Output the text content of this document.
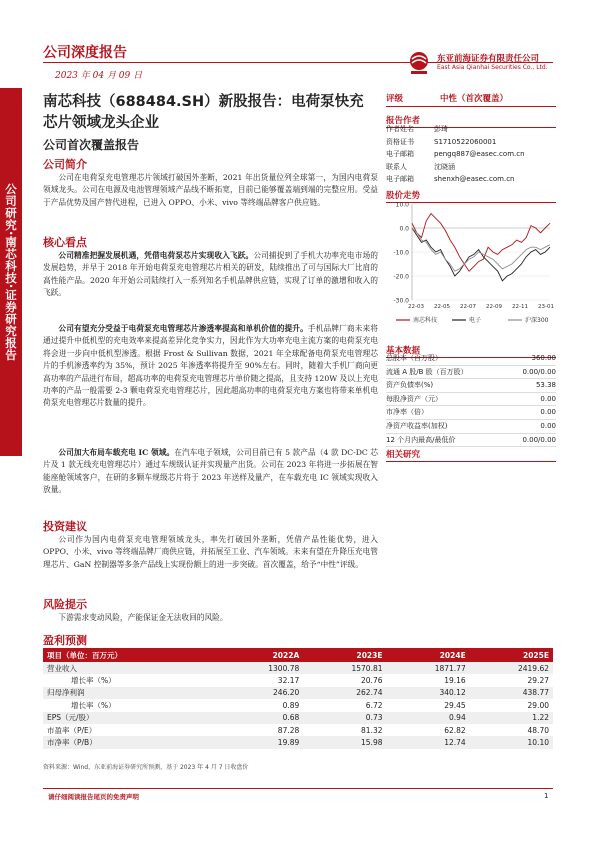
公司研究·南芯科技·证券研究报告
公司深度报告
2023 年 04 月 09 日
东亚前海证券有限责任公司
East Asia Qianhai Securities Co., Ltd.
南芯科技（688484.SH）新股报告：电荷泵快充芯片领域龙头企业
公司首次覆盖报告
公司简介
公司在电荷泵充电管理芯片领域打破国外垄断，2021 年出货量位列全球第一，为国内电荷泵领域龙头。公司在电源及电池管理领域产品线不断拓宽，目前已能够覆盖端到端的完整应用。受益于产品优势及国产替代进程，已进入 OPPO、小米、vivo 等终端品牌客户供应链。
核心看点
公司精准把握发展机遇，凭借电荷泵芯片实现收入飞跃。公司捕捉到了手机大功率充电市场的发展趋势，并早于 2018 年开始电荷泵充电管理芯片相关的研发，陆续推出了可与国际大厂比肩的高性能产品。2020 年开始公司陆续打入一系列知名手机品牌供应链，实现了订单的激增和收入的飞跃。
公司有望充分受益于电荷泵充电管理芯片渗透率提高和单机价值的提升。手机品牌厂商未来将通过提升中低机型的充电效率来提高差异化竞争实力，因此作为大功率充电主流方案的电荷泵充电将会进一步向中低机型渗透。根据 Frost & Sullivan 数据，2021 年全球配备电荷泵充电管理芯片的手机渗透率约为 35%，预计 2025 年渗透率将提升至 90%左右。同时，随着大手机厂商向更高功率的产品进行布局，超高功率的电荷泵充电管理芯片单价随之提高，且支持 120W 及以上充电功率的产品一般需要 2-3 颗电荷泵充电管理芯片，因此超高功率的电荷泵充电方案也将带来单机电荷泵充电管理芯片数量的提升。
公司加大布局车载充电 IC 领域。在汽车电子领域，公司目前已有 5 款产品（4 款 DC-DC 芯片及 1 款无线充电管理芯片）通过车规级认证并实现量产出货。公司在 2023 年将进一步拓展在智能座舱领域客户，在研的多颗车规级芯片将于 2023 年送样及量产，在车载充电 IC 领域实现收入放量。
投资建议
公司作为国内电荷泵充电管理领域龙头，率先打破国外垄断，凭借产品性能优势，进入 OPPO、小米、vivo 等终端品牌厂商供应链，并拓展至工业、汽车领域。未来有望在升降压充电管理芯片、GaN 控制器等多条产品线上实现份额上的进一步突破。首次覆盖，给予“中性”评级。
风险提示
下游需求变动风险，产能保证金无法收回的风险。
盈利预测
评级	中性（首次覆盖）
报告作者
作者姓名	彭琦
资格证书	S1710522060001
电子邮箱	pengq887@easec.com.cn
联系人	沈晓涵
电子邮箱	shenxh@easec.com.cn
股价走势
10.0
0.0
-10.0
-20.0
-30.0
22-03 22-05 22-07 22-09 22-11 23-01
南芯科技	电子	沪深300
基本数据
总股本（百万股）	360.00
流通 A 股/B 股（百万股）	0.00/0.00
资产负债率(%)	53.38
每股净资产（元）	0.00
市净率（倍）	0.00
净资产收益率(加权)	0.00
12 个月内最高/最低价	0.00/0.00
相关研究
项目（单位：百万元）	2022A	2023E	2024E	2025E
营业收入	1300.78	1570.81	1871.77	2419.62
增长率（%）	32.17	20.76	19.16	29.27
归母净利润	246.20	262.74	340.12	438.77
增长率（%）	0.89	6.72	29.45	29.00
EPS（元/股）	0.68	0.73	0.94	1.22
市盈率（P/E）	87.28	81.32	62.82	48.70
市净率（P/B）	19.89	15.98	12.74	10.10
资料来源：Wind，东亚前海证券研究所预测，基于 2023 年 4 月 7 日收盘价
请仔细阅读报告尾页的免责声明	1
